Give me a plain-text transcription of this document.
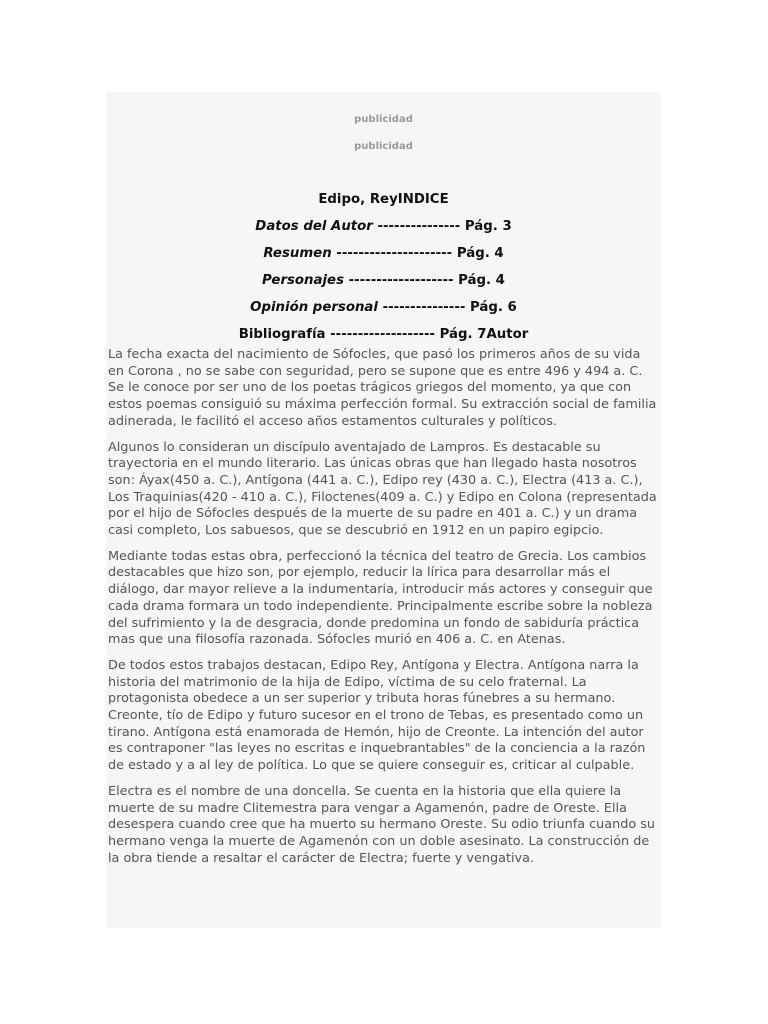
publicidad
publicidad
Edipo, ReyINDICE
Datos del Autor --------------- Pág. 3
Resumen --------------------- Pág. 4
Personajes ------------------- Pág. 4
Opinión personal --------------- Pág. 6
Bibliografía ------------------- Pág. 7Autor

La fecha exacta del nacimiento de Sófocles, que pasó los primeros años de su vida en Corona , no se sabe con seguridad, pero se supone que es entre 496 y 494 a. C. Se le conoce por ser uno de los poetas trágicos griegos del momento, ya que con estos poemas consiguió su máxima perfección formal. Su extracción social de familia adinerada, le facilitó el acceso años estamentos culturales y políticos.

Algunos lo consideran un discípulo aventajado de Lampros. Es destacable su trayectoria en el mundo literario. Las únicas obras que han llegado hasta nosotros son: Áyax(450 a. C.), Antígona (441 a. C.), Edipo rey (430 a. C.), Electra (413 a. C.), Los Traquinias(420 - 410 a. C.), Filoctenes(409 a. C.) y Edipo en Colona (representada por el hijo de Sófocles después de la muerte de su padre en 401 a. C.) y un drama casi completo, Los sabuesos, que se descubrió en 1912 en un papiro egipcio.

Mediante todas estas obra, perfeccionó la técnica del teatro de Grecia. Los cambios destacables que hizo son, por ejemplo, reducir la lírica para desarrollar más el diálogo, dar mayor relieve a la indumentaria, introducir más actores y conseguir que cada drama formara un todo independiente. Principalmente escribe sobre la nobleza del sufrimiento y la de desgracia, donde predomina un fondo de sabiduría práctica mas que una filosofía razonada. Sófocles murió en 406 a. C. en Atenas.

De todos estos trabajos destacan, Edipo Rey, Antígona y Electra. Antígona narra la historia del matrimonio de la hija de Edipo, víctima de su celo fraternal. La protagonista obedece a un ser superior y tributa horas fúnebres a su hermano. Creonte, tío de Edipo y futuro sucesor en el trono de Tebas, es presentado como un tirano. Antígona está enamorada de Hemón, hijo de Creonte. La intención del autor es contraponer "las leyes no escritas e inquebrantables" de la conciencia a la razón de estado y a al ley de política. Lo que se quiere conseguir es, criticar al culpable.

Electra es el nombre de una doncella. Se cuenta en la historia que ella quiere la muerte de su madre Clitemestra para vengar a Agamenón, padre de Oreste. Ella desespera cuando cree que ha muerto su hermano Oreste. Su odio triunfa cuando su hermano venga la muerte de Agamenón con un doble asesinato. La construcción de la obra tiende a resaltar el carácter de Electra; fuerte y vengativa.
